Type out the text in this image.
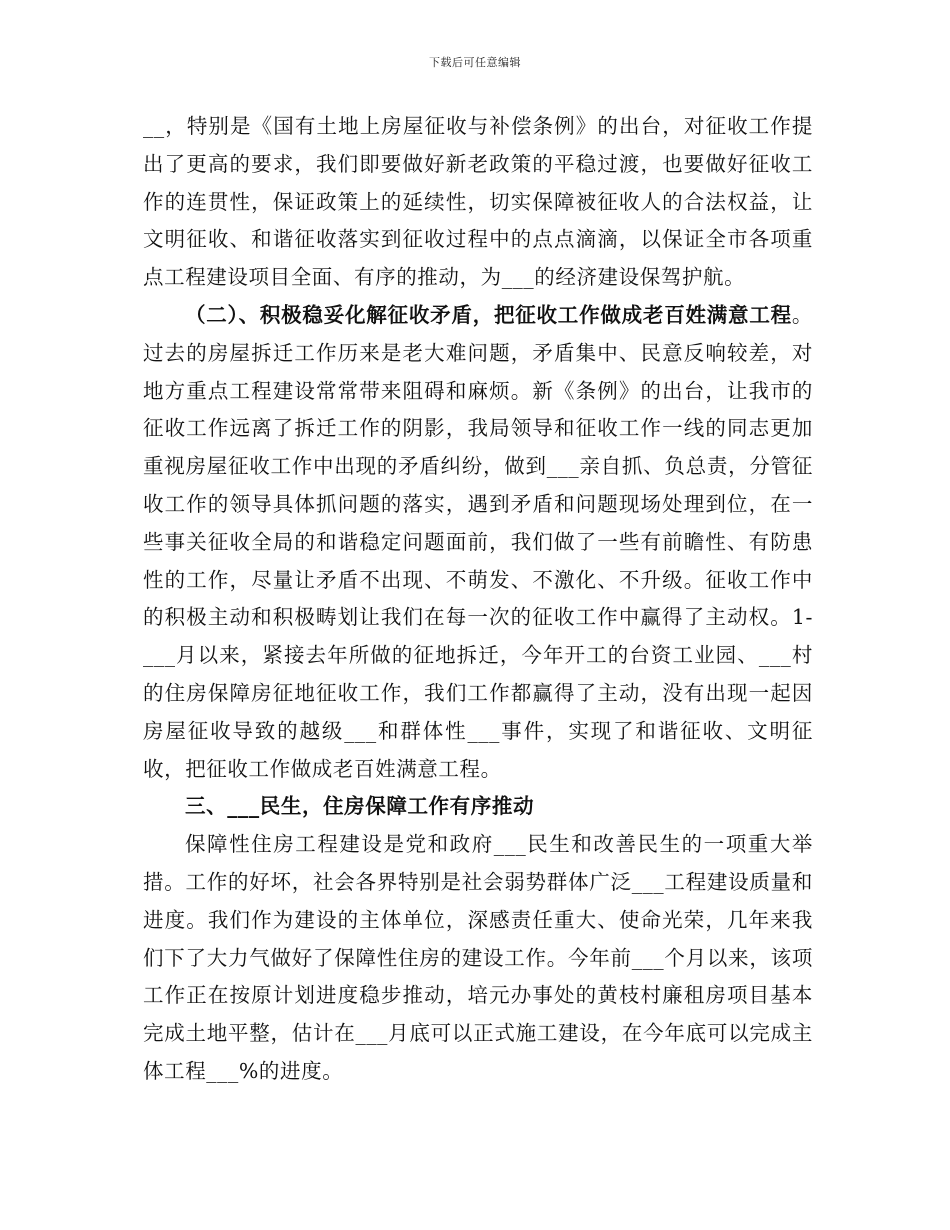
下载后可任意编辑

__，特别是《国有土地上房屋征收与补偿条例》的出台，对征收工作提出了更高的要求，我们即要做好新老政策的平稳过渡，也要做好征收工作的连贯性，保证政策上的延续性，切实保障被征收人的合法权益，让文明征收、和谐征收落实到征收过程中的点点滴滴，以保证全市各项重点工程建设项目全面、有序的推动，为___的经济建设保驾护航。

（二）、积极稳妥化解征收矛盾，把征收工作做成老百姓满意工程。过去的房屋拆迁工作历来是老大难问题，矛盾集中、民意反响较差，对地方重点工程建设常常带来阻碍和麻烦。新《条例》的出台，让我市的征收工作远离了拆迁工作的阴影，我局领导和征收工作一线的同志更加重视房屋征收工作中出现的矛盾纠纷，做到___亲自抓、负总责，分管征收工作的领导具体抓问题的落实，遇到矛盾和问题现场处理到位，在一些事关征收全局的和谐稳定问题面前，我们做了一些有前瞻性、有防患性的工作，尽量让矛盾不出现、不萌发、不激化、不升级。征收工作中的积极主动和积极畴划让我们在每一次的征收工作中赢得了主动权。1-___月以来，紧接去年所做的征地拆迁，今年开工的台资工业园、___村的住房保障房征地征收工作，我们工作都赢得了主动，没有出现一起因房屋征收导致的越级___和群体性___事件，实现了和谐征收、文明征收，把征收工作做成老百姓满意工程。

三、___民生，住房保障工作有序推动

保障性住房工程建设是党和政府___民生和改善民生的一项重大举措。工作的好坏，社会各界特别是社会弱势群体广泛___工程建设质量和进度。我们作为建设的主体单位，深感责任重大、使命光荣，几年来我们下了大力气做好了保障性住房的建设工作。今年前___个月以来，该项工作正在按原计划进度稳步推动，培元办事处的黄枝村廉租房项目基本完成土地平整，估计在___月底可以正式施工建设，在今年底可以完成主体工程___%的进度。
